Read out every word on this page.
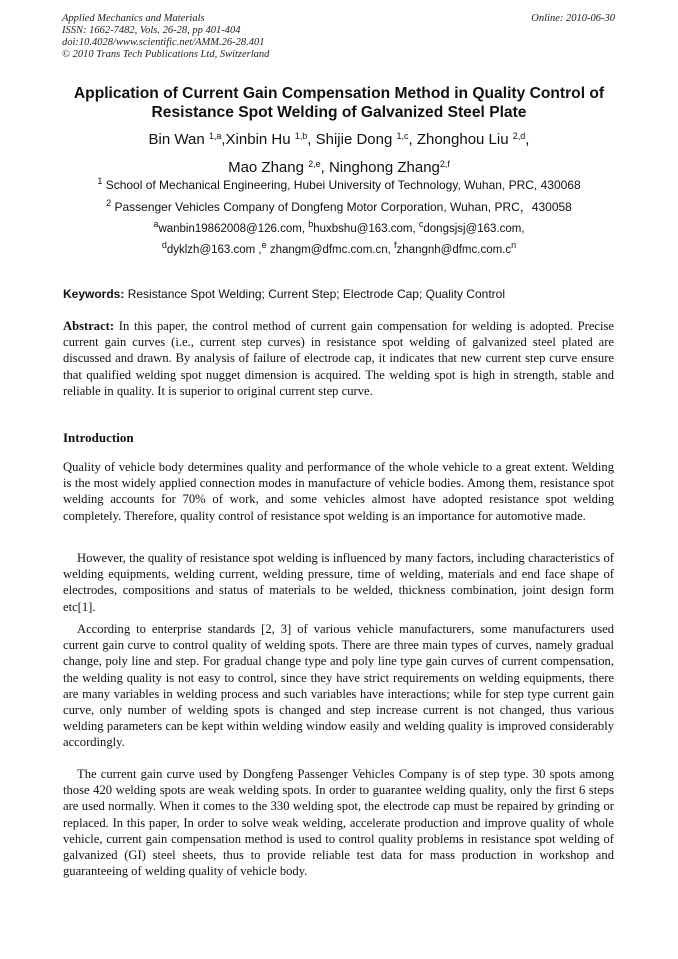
Applied Mechanics and Materials
ISSN: 1662-7482, Vols. 26-28, pp 401-404
doi:10.4028/www.scientific.net/AMM.26-28.401
© 2010 Trans Tech Publications Ltd, Switzerland
Online: 2010-06-30
Application of Current Gain Compensation Method in Quality Control of
Resistance Spot Welding of Galvanized Steel Plate
Bin Wan $^{1,a}$,Xinbin Hu $^{1,b}$, Shijie Dong $^{1,c}$, Zhonghou Liu $^{2,d}$,
Mao Zhang $^{2,e}$, Ninghong Zhang$^{2,f}$
$^1$ School of Mechanical Engineering, Hubei University of Technology, Wuhan, PRC, 430068
$^2$ Passenger Vehicles Company of Dongfeng Motor Corporation, Wuhan, PRC，430058
$^a$wanbin19862008@126.com, $^b$huxbshu@163.com, $^c$dongsjsj@163.com,
$^d$dyklzh@163.com ,$^e$ zhangm@dfmc.com.cn, $^fzhangnh@dfmc.com.c^n$
Keywords: Resistance Spot Welding; Current Step; Electrode Cap; Quality Control
Abstract: In this paper, the control method of current gain compensation for welding is adopted. Precise current gain curves (i.e., current step curves) in resistance spot welding of galvanized steel plated are discussed and drawn. By analysis of failure of electrode cap, it indicates that new current step curve ensure that qualified welding spot nugget dimension is acquired. The welding spot is high in strength, stable and reliable in quality. It is superior to original current step curve.
Introduction
Quality of vehicle body determines quality and performance of the whole vehicle to a great extent. Welding is the most widely applied connection modes in manufacture of vehicle bodies. Among them, resistance spot welding accounts for 70% of work, and some vehicles almost have adopted resistance spot welding completely. Therefore, quality control of resistance spot welding is an importance for automotive made.
However, the quality of resistance spot welding is influenced by many factors, including characteristics of welding equipments, welding current, welding pressure, time of welding, materials and end face shape of electrodes, compositions and status of materials to be welded, thickness combination, joint design form etc[1].
According to enterprise standards [2, 3] of various vehicle manufacturers, some manufacturers used current gain curve to control quality of welding spots. There are three main types of curves, namely gradual change, poly line and step. For gradual change type and poly line type gain curves of current compensation, the welding quality is not easy to control, since they have strict requirements on welding equipments, there are many variables in welding process and such variables have interactions; while for step type current gain curve, only number of welding spots is changed and step increase current is not changed, thus various welding parameters can be kept within welding window easily and welding quality is improved considerably accordingly.
The current gain curve used by Dongfeng Passenger Vehicles Company is of step type. 30 spots among those 420 welding spots are weak welding spots. In order to guarantee welding quality, only the first 6 steps are used normally. When it comes to the 330 welding spot, the electrode cap must be repaired by grinding or replaced. In this paper, In order to solve weak welding, accelerate production and improve quality of whole vehicle, current gain compensation method is used to control quality problems in resistance spot welding of galvanized (GI) steel sheets, thus to provide reliable test data for mass production in workshop and guaranteeing of welding quality of vehicle body.
